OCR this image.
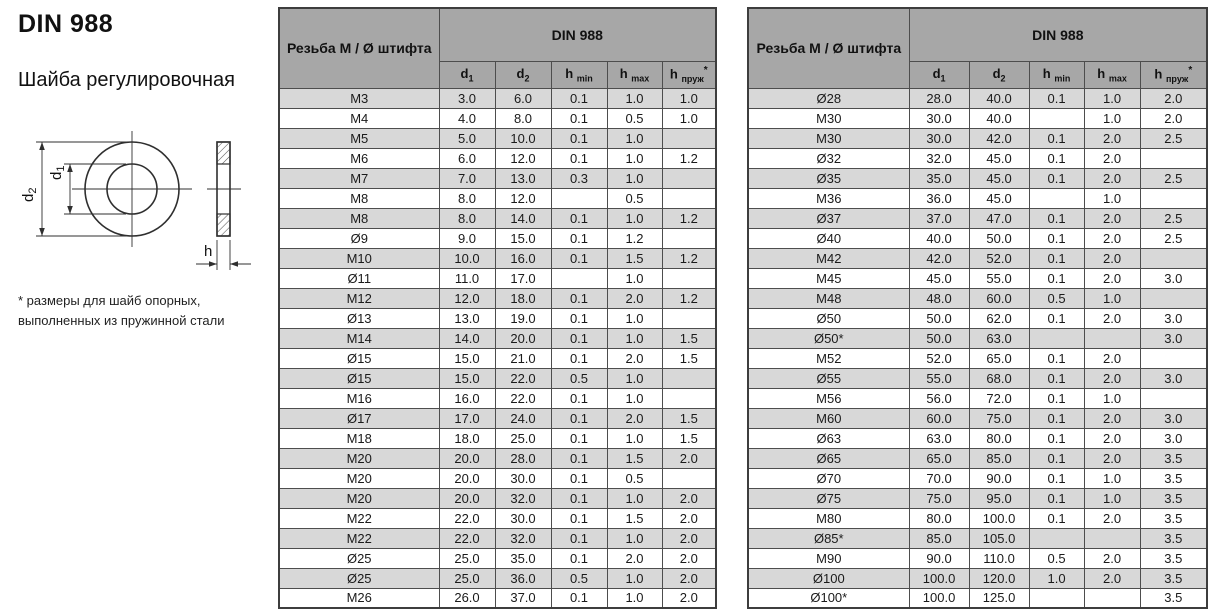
DIN 988
Шайба регулировочная
$d_2$
$d_1$
h
* размеры для шайб опорных,
выполненных из пружинной стали
Резьба М / Ø штифта	DIN 988				
	$d_1$	$d_2$	h $_{min}$	h $_{max}$	h $_{пруж}$*
M3	3.0	6.0	0.1	1.0	1.0
M4	4.0	8.0	0.1	0.5	1.0
M5	5.0	10.0	0.1	1.0	
M6	6.0	12.0	0.1	1.0	1.2
M7	7.0	13.0	0.3	1.0	
M8	8.0	12.0		0.5	
M8	8.0	14.0	0.1	1.0	1.2
Ø9	9.0	15.0	0.1	1.2	
M10	10.0	16.0	0.1	1.5	1.2
Ø11	11.0	17.0		1.0	
M12	12.0	18.0	0.1	2.0	1.2
Ø13	13.0	19.0	0.1	1.0	
M14	14.0	20.0	0.1	1.0	1.5
Ø15	15.0	21.0	0.1	2.0	1.5
Ø15	15.0	22.0	0.5	1.0	
M16	16.0	22.0	0.1	1.0	
Ø17	17.0	24.0	0.1	2.0	1.5
M18	18.0	25.0	0.1	1.0	1.5
M20	20.0	28.0	0.1	1.5	2.0
M20	20.0	30.0	0.1	0.5	
M20	20.0	32.0	0.1	1.0	2.0
M22	22.0	30.0	0.1	1.5	2.0
M22	22.0	32.0	0.1	1.0	2.0
Ø25	25.0	35.0	0.1	2.0	2.0
Ø25	25.0	36.0	0.5	1.0	2.0
M26	26.0	37.0	0.1	1.0	2.0
Резьба М / Ø штифта	DIN 988				
	$d_1$	$d_2$	h $_{min}$	h $_{max}$	h $_{пруж}$*
Ø28	28.0	40.0	0.1	1.0	2.0
M30	30.0	40.0		1.0	2.0
M30	30.0	42.0	0.1	2.0	2.5
Ø32	32.0	45.0	0.1	2.0	
Ø35	35.0	45.0	0.1	2.0	2.5
M36	36.0	45.0		1.0	
Ø37	37.0	47.0	0.1	2.0	2.5
Ø40	40.0	50.0	0.1	2.0	2.5
M42	42.0	52.0	0.1	2.0	
M45	45.0	55.0	0.1	2.0	3.0
M48	48.0	60.0	0.5	1.0	
Ø50	50.0	62.0	0.1	2.0	3.0
Ø50*	50.0	63.0			3.0
M52	52.0	65.0	0.1	2.0	
Ø55	55.0	68.0	0.1	2.0	3.0
M56	56.0	72.0	0.1	1.0	
M60	60.0	75.0	0.1	2.0	3.0
Ø63	63.0	80.0	0.1	2.0	3.0
Ø65	65.0	85.0	0.1	2.0	3.5
Ø70	70.0	90.0	0.1	1.0	3.5
Ø75	75.0	95.0	0.1	1.0	3.5
M80	80.0	100.0	0.1	2.0	3.5
Ø85*	85.0	105.0			3.5
M90	90.0	110.0	0.5	2.0	3.5
Ø100	100.0	120.0	1.0	2.0	3.5
Ø100*	100.0	125.0			3.5
